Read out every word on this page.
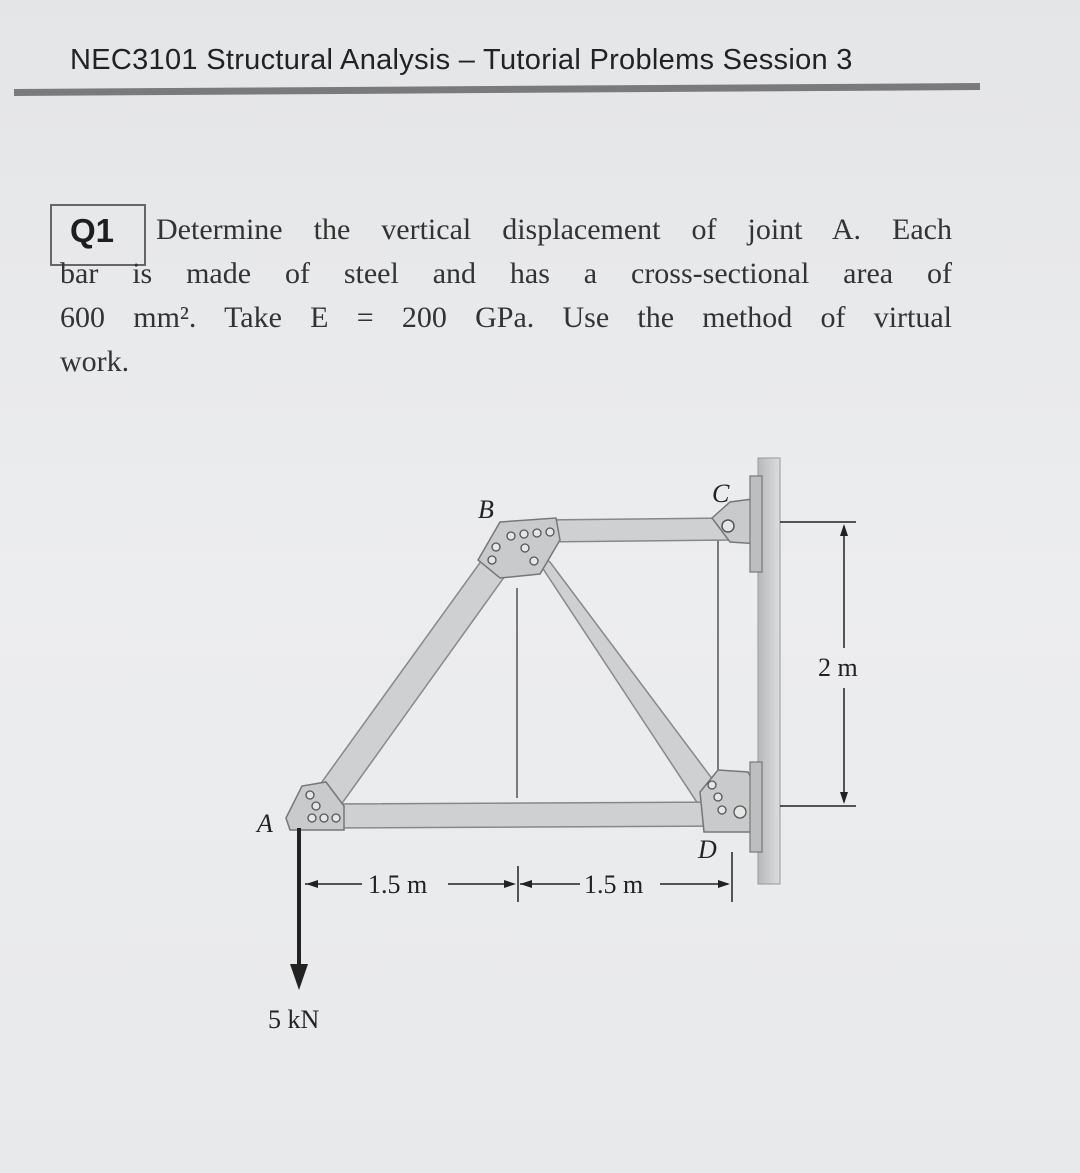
NEC3101 Structural Analysis – Tutorial Problems Session 3
Q1	Determine the vertical displacement of joint A. Each
bar is made of steel and has a cross-sectional area of
600 mm². Take E = 200 GPa. Use the method of virtual
work.
A
B
C
D
1.5 m	1.5 m
2 m
5 kN
